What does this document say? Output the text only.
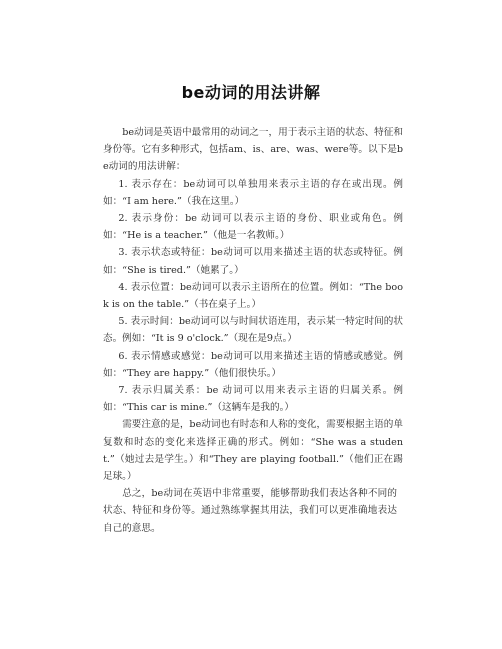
be动词的用法讲解

be动词是英语中最常用的动词之一，用于表示主语的状态、特征和身份等。它有多种形式，包括am、is、are、was、were等。以下是be动词的用法讲解：

1. 表示存在：be动词可以单独用来表示主语的存在或出现。例如：“I am here.”（我在这里。）

2. 表示身份：be 动词可以表示主语的身份、职业或角色。例如：“He is a teacher.”（他是一名教师。）

3. 表示状态或特征：be动词可以用来描述主语的状态或特征。例如：“She is tired.”（她累了。）

4. 表示位置：be动词可以表示主语所在的位置。例如：“The book is on the table.”（书在桌子上。）

5. 表示时间：be动词可以与时间状语连用，表示某一特定时间的状态。例如：“It is 9 o'clock.”（现在是9点。）

6. 表示情感或感觉：be动词可以用来描述主语的情感或感觉。例如：“They are happy.”（他们很快乐。）

7. 表示归属关系：be 动词可以用来表示主语的归属关系。例如：“This car is mine.”（这辆车是我的。）

需要注意的是，be动词也有时态和人称的变化，需要根据主语的单复数和时态的变化来选择正确的形式。例如：“She was a student.”（她过去是学生。）和“They are playing football.”（他们正在踢足球。）

总之，be动词在英语中非常重要，能够帮助我们表达各种不同的状态、特征和身份等。通过熟练掌握其用法，我们可以更准确地表达自己的意思。
